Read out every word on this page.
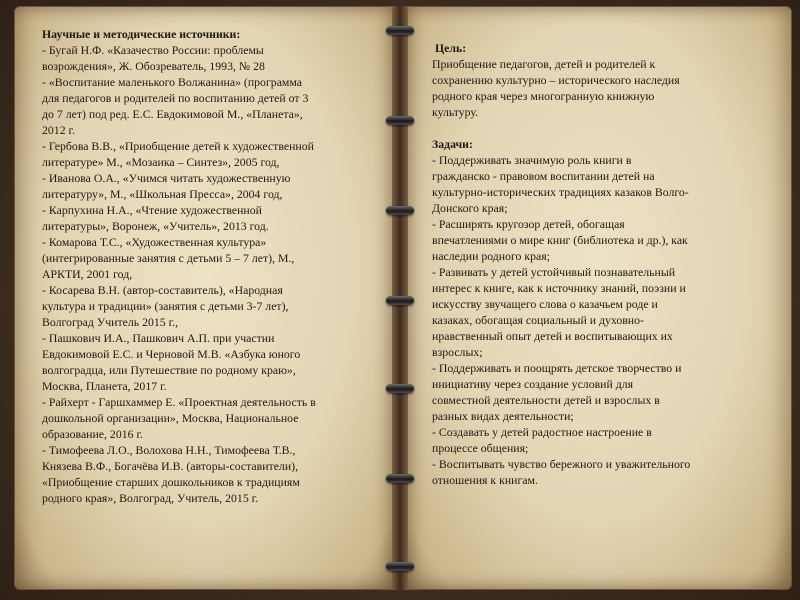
Научные и методические источники:
- Бугай Н.Ф. «Казачество России: проблемы
возрождения», Ж. Обозреватель, 1993, № 28
- «Воспитание маленького Волжанина» (программа
для педагогов и родителей по воспитанию детей от 3
до 7 лет) под ред. Е.С. Евдокимовой М., «Планета»,
2012 г.
- Гербова В.В., «Приобщение детей к художественной
литературе» М., «Мозаика – Синтез», 2005 год,
- Иванова О.А., «Учимся читать художественную
литературу», М., «Школьная Пресса», 2004 год,
- Карпухина Н.А., «Чтение художественной
литературы», Воронеж, «Учитель», 2013 год.
- Комарова Т.С., «Художественная культура»
(интегрированные занятия с детьми 5 – 7 лет), М.,
АРКТИ, 2001 год,
- Косарева В.Н. (автор-составитель), «Народная
культура и традиции» (занятия с детьми 3-7 лет),
Волгоград Учитель 2015 г.,
- Пашкович И.А., Пашкович А.П. при участии
Евдокимовой Е.С. и Черновой М.В. «Азбука юного
волгоградца, или Путешествие по родному краю»,
Москва, Планета, 2017 г.
- Райхерт - Гаршхаммер Е. «Проектная деятельность в
дошкольной организации», Москва, Национальное
образование, 2016 г.
- Тимофеева Л.О., Волохова Н.Н., Тимофеева Т.В.,
Князева В.Ф., Богачёва И.В. (авторы-составители),
«Приобщение старших дошкольников к традициям
родного края», Волгоград, Учитель, 2015 г.
Цель:
Приобщение педагогов, детей и родителей к
сохранению культурно – исторического наследия
родного края через многогранную книжную
культуру.
Задачи:
- Поддерживать значимую роль книги в
гражданско - правовом воспитании детей на
культурно-исторических традициях казаков Волго-
Донского края;
- Расширять кругозор детей, обогащая
впечатлениями о мире книг (библиотека и др.), как
наследии родного края;
- Развивать у детей устойчивый познавательный
интерес к книге, как к источнику знаний, поэзии и
искусству звучащего слова о казачьем роде и
казаках, обогащая социальный и духовно-
нравственный опыт детей и воспитывающих их
взрослых;
- Поддерживать и поощрять детское творчество и
инициативу через создание условий для
совместной деятельности детей и взрослых в
разных видах деятельности;
- Создавать у детей радостное настроение в
процессе общения;
- Воспитывать чувство бережного и уважительного
отношения к книгам.
